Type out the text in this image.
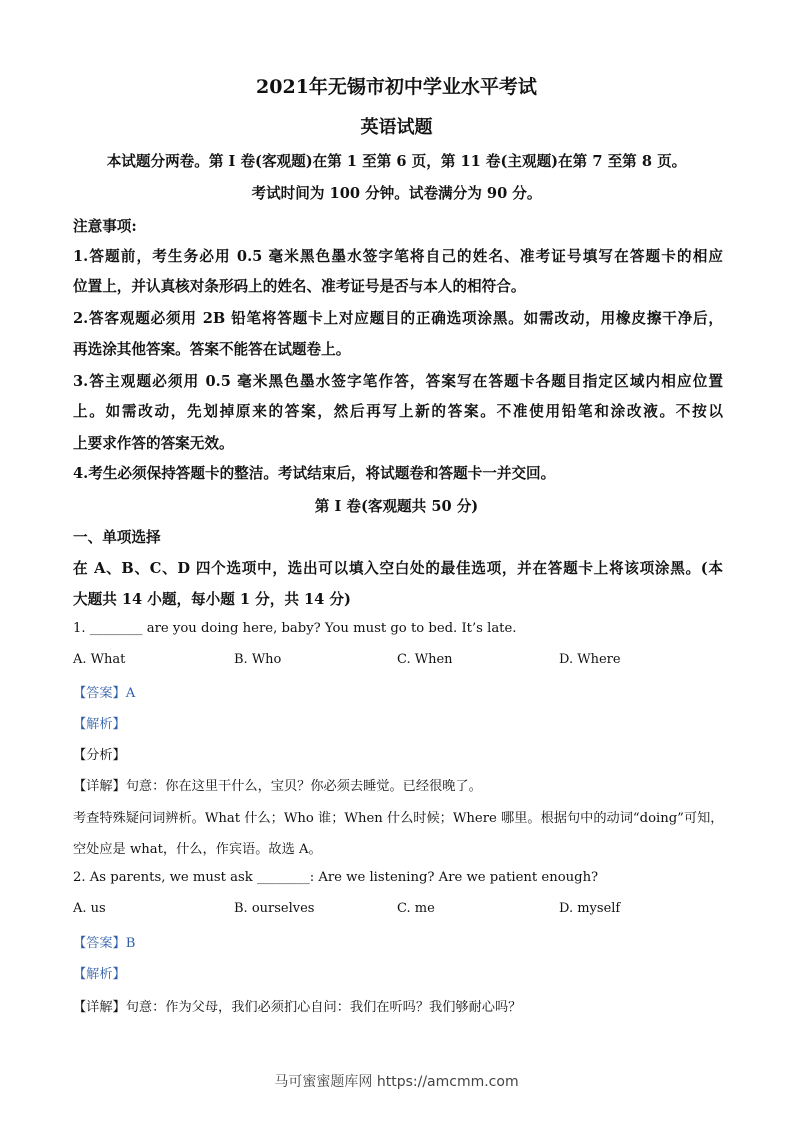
2021年无锡市初中学业水平考试
英语试题
本试题分两卷。第 I 卷(客观题)在第 1 至第 6 页，第 11 卷(主观题)在第 7 至第 8 页。
考试时间为 100 分钟。试卷满分为 90 分。
注意事项:
1.答题前，考生务必用 0.5 毫米黑色墨水签字笔将自己的姓名、准考证号填写在答题卡的相应
位置上，并认真核对条形码上的姓名、准考证号是否与本人的相符合。
2.答客观题必须用 2B 铅笔将答题卡上对应题目的正确选项涂黑。如需改动，用橡皮擦干净后，
再选涂其他答案。答案不能答在试题卷上。
3.答主观题必须用 0.5 毫米黑色墨水签字笔作答，答案写在答题卡各题目指定区域内相应位置
上。如需改动，先划掉原来的答案，然后再写上新的答案。不准使用铅笔和涂改液。不按以
上要求作答的答案无效。
4.考生必须保持答题卡的整洁。考试结束后，将试题卷和答题卡一并交回。
第 I 卷(客观题共 50 分)
一、单项选择
在 A、B、C、D 四个选项中，选出可以填入空白处的最佳选项，并在答题卡上将该项涂黑。(本
大题共 14 小题，每小题 1 分，共 14 分)
1. ________ are you doing here, baby? You must go to bed. It’s late.
A. What	B. Who	C. When	D. Where
【答案】A
【解析】
【分析】
【详解】句意：你在这里干什么，宝贝？你必须去睡觉。已经很晚了。
考查特殊疑问词辨析。What 什么；Who 谁；When 什么时候；Where 哪里。根据句中的动词“doing”可知，
空处应是 what，什么，作宾语。故选 A。
2. As parents, we must ask ________: Are we listening? Are we patient enough?
A. us	B. ourselves	C. me	D. myself
【答案】B
【解析】
【详解】句意：作为父母，我们必须扪心自问：我们在听吗？我们够耐心吗？
马可蜜蜜题库网 https://amcmm.com
